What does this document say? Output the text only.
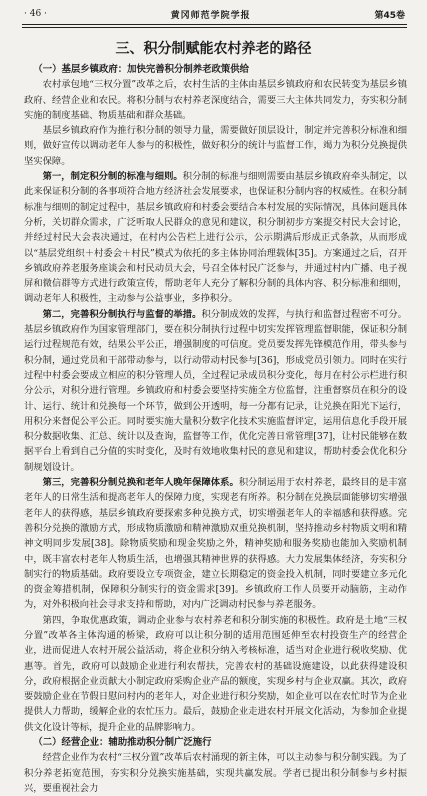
· 46 ·	黄冈师范学院学报	第45卷
三、积分制赋能农村养老的路径

（一）基层乡镇政府：加快完善积分制养老政策供给

农村承包地“三权分置”改革之后，农村生活的主体由基层乡镇政府和农民转变为基层乡镇政府、经营企业和农民。将积分制与农村养老深度结合，需要三大主体共同发力，夯实积分制实施的制度基础、物质基础和群众基础。

基层乡镇政府作为推行积分制的领导力量，需要做好顶层设计，制定并完善积分标准和细则，做好宣传以调动老年人参与的积极性，做好积分的统计与监督工作，竭力为积分兑换提供坚实保障。

第一，制定积分制的标准与细则。积分制的标准与细则需要由基层乡镇政府牵头制定，以此来保证积分制的各事项符合地方经济社会发展要求，也保证积分制内容的权威性。在积分制标准与细则的制定过程中，基层乡镇政府和村委会要结合本村发展的实际情况，具体问题具体分析，关切群众需求，广泛听取人民群众的意见和建议，积分制初步方案提交村民大会讨论，并经过村民大会表决通过，在村内公告栏上进行公示，公示期满后形成正式条款，从而形成以“基层党组织＋村委会＋村民”模式为依托的多主体协同治理载体[35]。方案通过之后，召开乡镇政府养老服务座谈会和村民动员大会，号召全体村民广泛参与，并通过村内广播、电子视屏和微信群等方式进行政策宣传，帮助老年人充分了解积分制的具体内容、积分标准和细则，调动老年人积极性，主动参与公益事业，多挣积分。

第二，完善积分制执行与监督的举措。积分制成效的发挥，与执行和监督过程密不可分。基层乡镇政府作为国家管理部门，要在积分制执行过程中切实发挥管理监督职能，保证积分制运行过程规范有效，结果公平公正，增强制度的可信度。党员要发挥先锋模范作用，带头参与积分制，通过党员和干部带动参与，以行动带动村民参与[36]，形成党员引领力。同时在实行过程中村委会要成立相应的积分管理人员，全过程记录成员积分变化，每月在村公示栏进行积分公示，对积分进行管理。乡镇政府和村委会要坚持实施全方位监督，注重督察员在积分的设计、运行、统计和兑换每一个环节，做到公开透明，每一分都有记录，让兑换在阳光下运行，用积分来督促公平公正。同时要实施大量积分数字化技术实施监督评定，运用信息化手段开展积分数据收集、汇总、统计以及查询，监督等工作，优化完善日常管理[37]，让村民能够在数据平台上看到自己分值的实时变化，及时有效地收集村民的意见和建议，帮助村委会优化积分制规划设计。

第三，完善积分制兑换和老年人晚年保障体系。积分制运用于农村养老，最终目的是丰富老年人的日常生活和提高老年人的保障力度，实现老有所养。积分制在兑换层面能够切实增强老年人的获得感，基层乡镇政府要探索多种兑换方式，切实增强老年人的幸福感和获得感。完善积分兑换的激励方式，形成物质激励和精神激励双重兑换机制，坚持推动乡村物质文明和精神文明同步发展[38]。除物质奖励和现金奖励之外，精神奖励和服务奖励也能加入奖励机制中，既丰富农村老年人物质生活，也增强其精神世界的获得感。大力发展集体经济，夯实积分制实行的物质基础。政府要设立专项资金，建立长期稳定的资金投入机制，同时要建立多元化的资金筹措机制，保障积分制实行的资金需求[39]。乡镇政府工作人员要开动脑筋，主动作为，对外积极向社会寻求支持和帮助，对内广泛调动村民参与养老服务。

第四，争取优惠政策，调动企业参与农村养老和积分制实施的积极性。政府是土地“三权分置”改革各主体沟通的桥梁，政府可以让积分制的适用范围延伸至农村投资生产的经营企业，进而促进人农村开展公益活动，将企业积分纳入考核标准，适当对企业进行税收奖励、优惠等。首先，政府可以鼓励企业进行利农帮扶，完善农村的基础设施建设，以此获得建设积分，政府根据企业贡献大小制定政府采购企业产品的额度，实现乡村与企业双赢。其次，政府要鼓励企业在节假日慰问村内的老年人，对企业进行积分奖励，如企业可以在农忙时节为企业提供人力帮助，缓解企业的农忙压力。最后，鼓励企业走进农村开展文化活动，为参加企业提供文化设计等标，提升企业的品牌影响力。

（二）经营企业：辅助推动积分制广泛施行

经营企业作为农村“三权分置”改革后农村涌现的新主体，可以主动参与积分制实践。为了积分养老拓宽范围，夯实积分兑换实施基础，实现共赢发展。学者已提出积分制参与乡村振兴，要重视社会力
